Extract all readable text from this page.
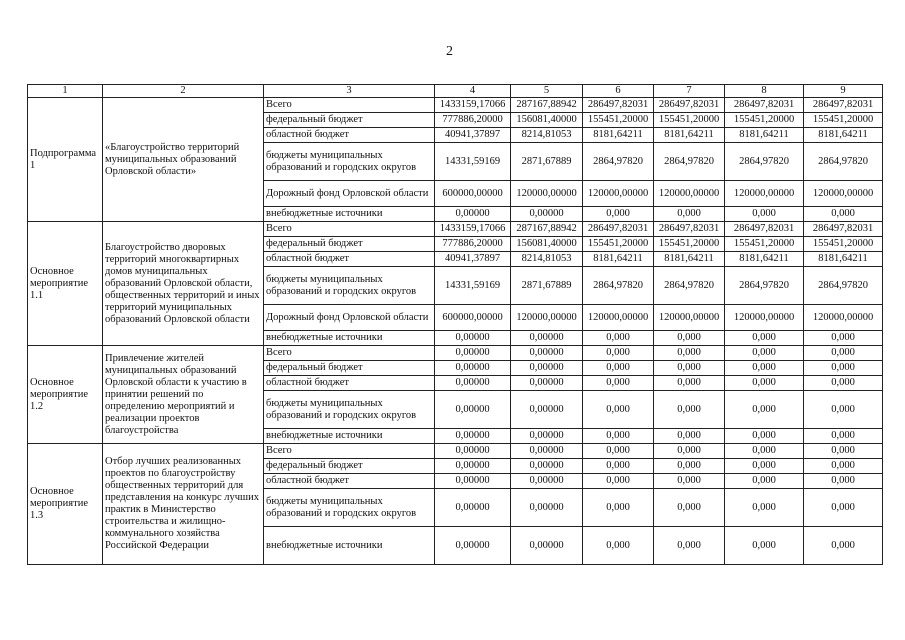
2
1	2	3	4	5	6	7	8	9
Подпрограмма 1	«Благоустройство территорий муниципальных образований Орловской области»	Всего	1433159,17066	287167,88942	286497,82031	286497,82031	286497,82031	286497,82031
		федеральный бюджет	777886,20000	156081,40000	155451,20000	155451,20000	155451,20000	155451,20000
		областной бюджет	40941,37897	8214,81053	8181,64211	8181,64211	8181,64211	8181,64211
		бюджеты муниципальных образований и городских округов	14331,59169	2871,67889	2864,97820	2864,97820	2864,97820	2864,97820
		Дорожный фонд Орловской области	600000,00000	120000,00000	120000,00000	120000,00000	120000,00000	120000,00000
		внебюджетные источники	0,00000	0,00000	0,000	0,000	0,000	0,000
Основное мероприятие 1.1	Благоустройство дворовых территорий многоквартирных домов муниципальных образований Орловской области, общественных территорий и иных территорий муниципальных образований Орловской области	Всего	1433159,17066	287167,88942	286497,82031	286497,82031	286497,82031	286497,82031
		федеральный бюджет	777886,20000	156081,40000	155451,20000	155451,20000	155451,20000	155451,20000
		областной бюджет	40941,37897	8214,81053	8181,64211	8181,64211	8181,64211	8181,64211
		бюджеты муниципальных образований и городских округов	14331,59169	2871,67889	2864,97820	2864,97820	2864,97820	2864,97820
		Дорожный фонд Орловской области	600000,00000	120000,00000	120000,00000	120000,00000	120000,00000	120000,00000
		внебюджетные источники	0,00000	0,00000	0,000	0,000	0,000	0,000
Основное мероприятие 1.2	Привлечение жителей муниципальных образований Орловской области к участию в принятии решений по определению мероприятий и реализации проектов благоустройства	Всего	0,00000	0,00000	0,000	0,000	0,000	0,000
		федеральный бюджет	0,00000	0,00000	0,000	0,000	0,000	0,000
		областной бюджет	0,00000	0,00000	0,000	0,000	0,000	0,000
		бюджеты муниципальных образований и городских округов	0,00000	0,00000	0,000	0,000	0,000	0,000
		внебюджетные источники	0,00000	0,00000	0,000	0,000	0,000	0,000
Основное мероприятие 1.3	Отбор лучших реализованных проектов по благоустройству общественных территорий для представления на конкурс лучших практик в Министерство строительства и жилищно-коммунального хозяйства Российской Федерации	Всего	0,00000	0,00000	0,000	0,000	0,000	0,000
		федеральный бюджет	0,00000	0,00000	0,000	0,000	0,000	0,000
		областной бюджет	0,00000	0,00000	0,000	0,000	0,000	0,000
		бюджеты муниципальных образований и городских округов	0,00000	0,00000	0,000	0,000	0,000	0,000
		внебюджетные источники	0,00000	0,00000	0,000	0,000	0,000	0,000
